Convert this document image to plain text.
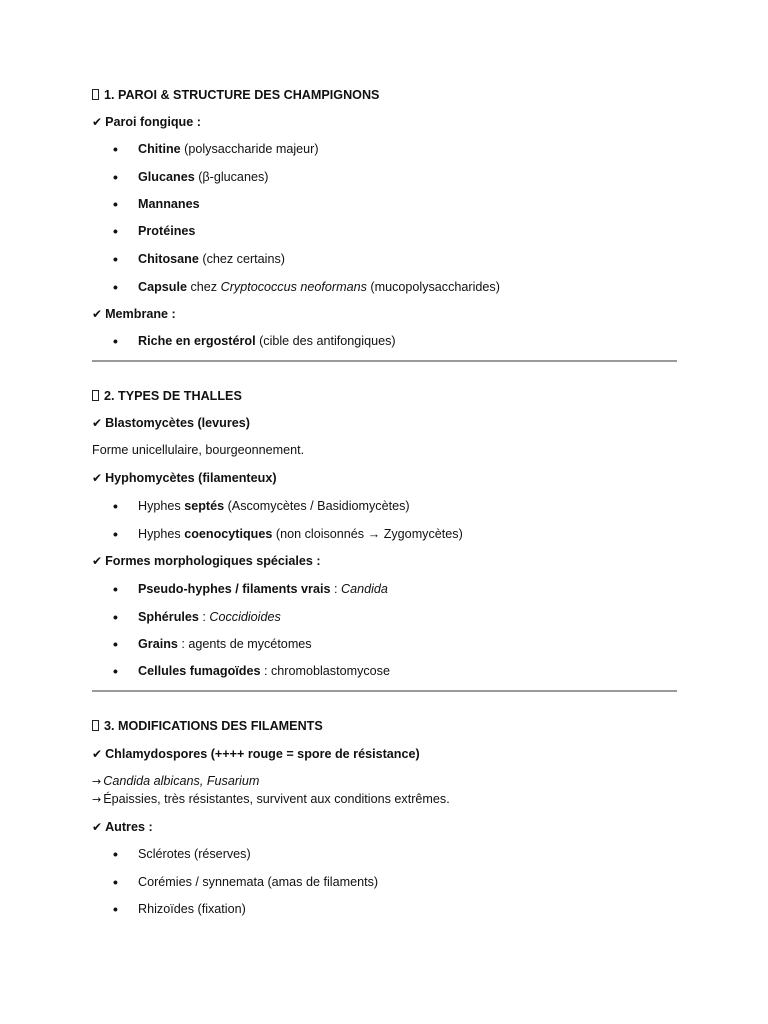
1. PAROI & STRUCTURE DES CHAMPIGNONS
✔ Paroi fongique :
• Chitine (polysaccharide majeur)
• Glucanes (β-glucanes)
• Mannanes
• Protéines
• Chitosane (chez certains)
• Capsule chez Cryptococcus neoformans (mucopolysaccharides)
✔ Membrane :
• Riche en ergostérol (cible des antifongiques)
2. TYPES DE THALLES
✔ Blastomycètes (levures)
Forme unicellulaire, bourgeonnement.
✔ Hyphomycètes (filamenteux)
• Hyphes septés (Ascomycètes / Basidiomycètes)
• Hyphes coenocytiques (non cloisonnés → Zygomycètes)
✔ Formes morphologiques spéciales :
• Pseudo-hyphes / filaments vrais : Candida
• Sphérules : Coccidioides
• Grains : agents de mycétomes
• Cellules fumagoïdes : chromoblastomycose
3. MODIFICATIONS DES FILAMENTS
✔ Chlamydospores (++++ rouge = spore de résistance)
→ Candida albicans, Fusarium
→ Épaissies, très résistantes, survivent aux conditions extrêmes.
✔ Autres :
• Sclérotes (réserves)
• Corémies / synnemata (amas de filaments)
• Rhizoïdes (fixation)
